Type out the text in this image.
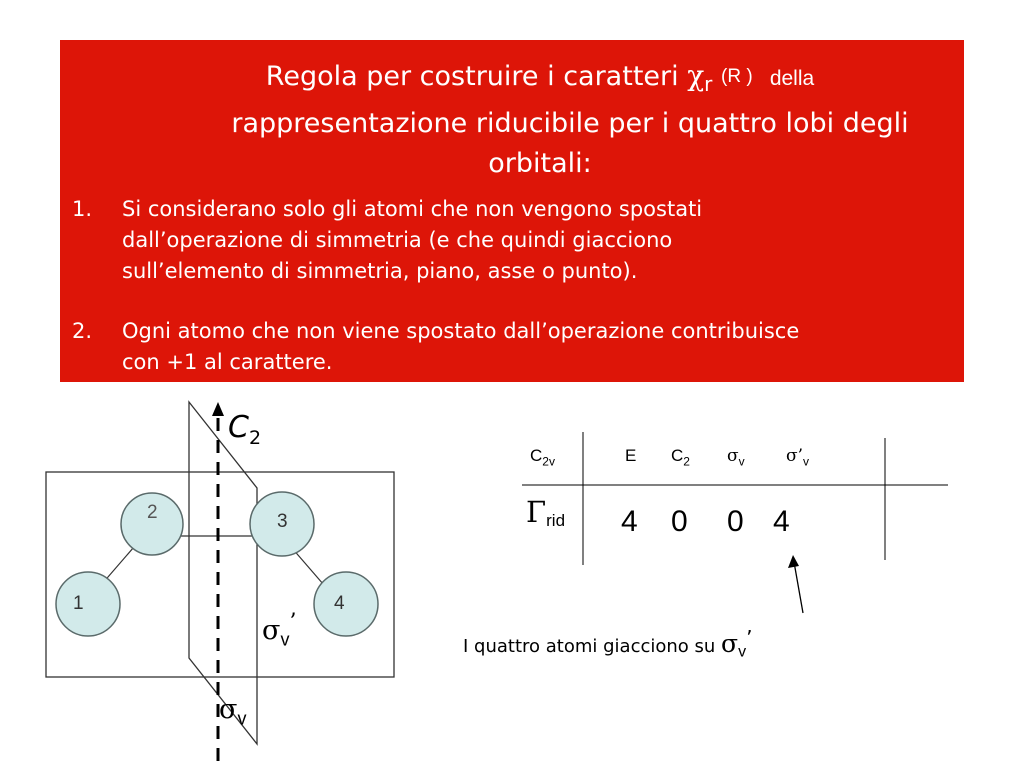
Regola per costruire i caratteri $\chi_r$ (R ) della
rappresentazione riducibile per i quattro lobi degli
orbitali:
1. Si considerano solo gli atomi che non vengono spostati
dall’operazione di simmetria (e che quindi giacciono
sull’elemento di simmetria, piano, asse o punto).
2. Ogni atomo che non viene spostato dall’operazione contribuisce
con +1 al carattere.
2	3
1	4
$C_2$
$\sigma_v^’$
$\sigma_v$
$C_{2v}$	E $C_2$ $\sigma_v$ $\sigma’_v$
$\Gamma_{rid}$ 4 0 0 4
I quattro atomi giacciono su $\sigma_v^’$
